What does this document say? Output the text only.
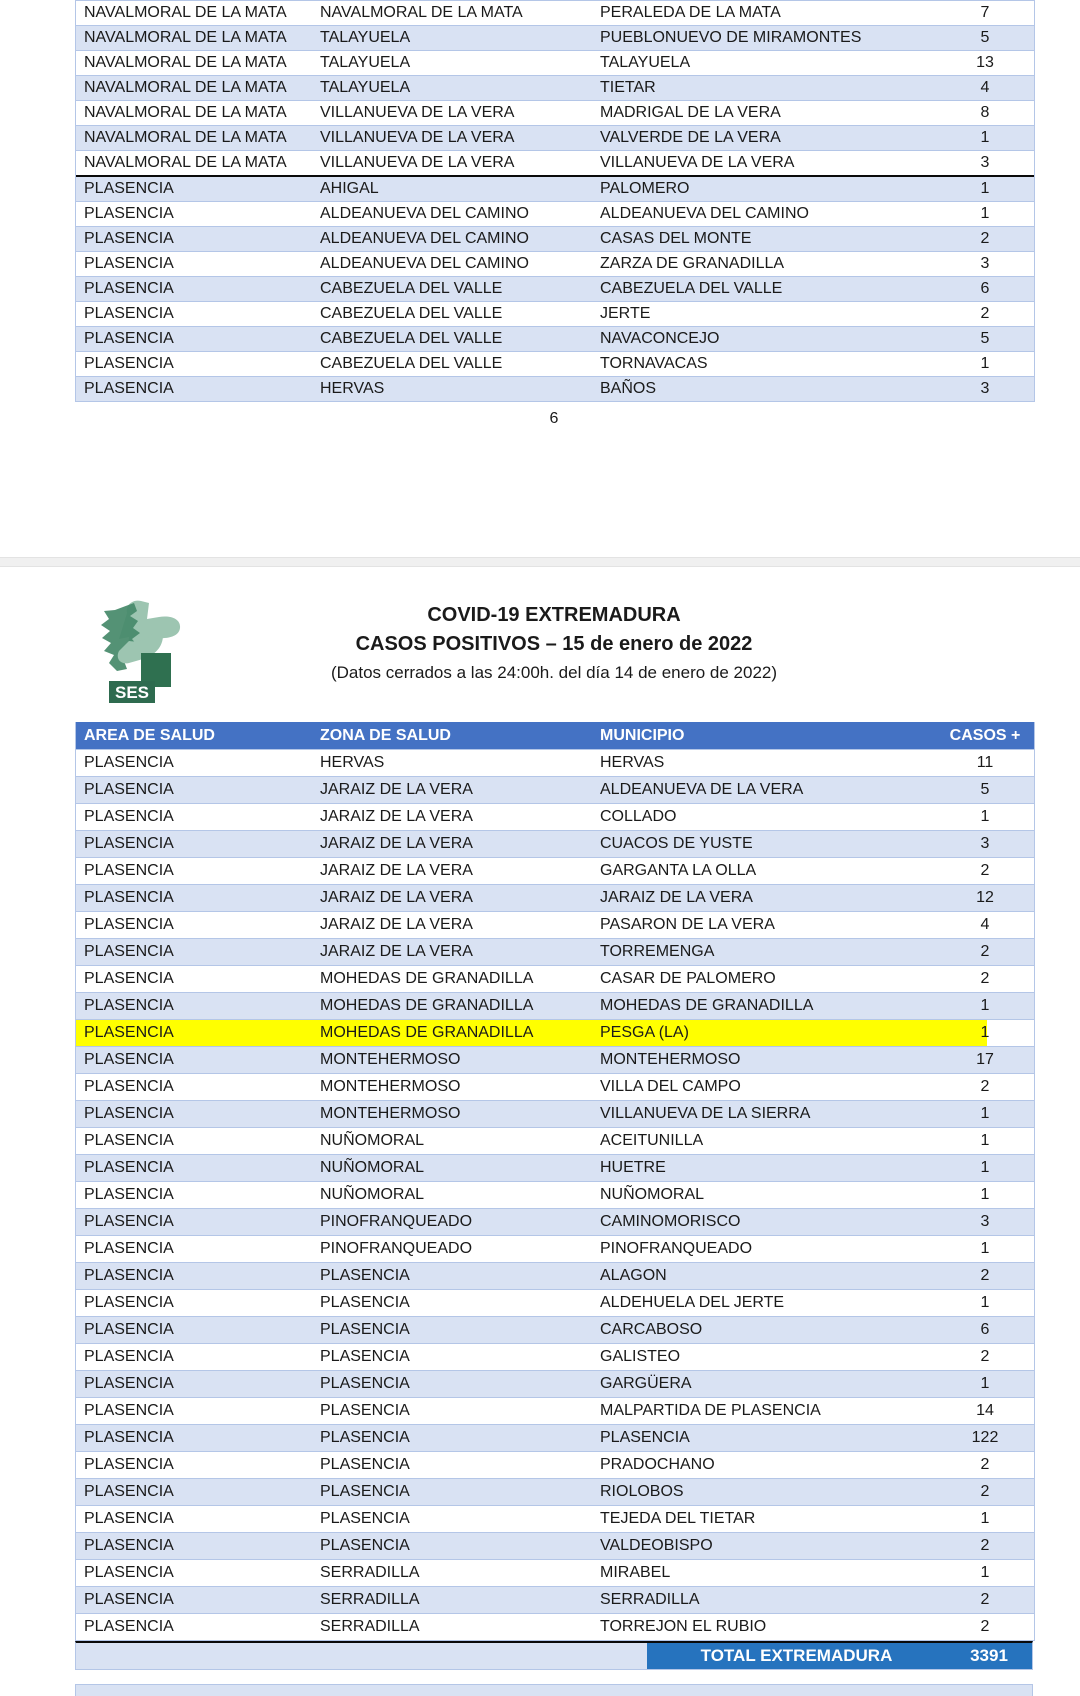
NAVALMORAL DE LA MATA	NAVALMORAL DE LA MATA	PERALEDA DE LA MATA	7
NAVALMORAL DE LA MATA	TALAYUELA	PUEBLONUEVO DE MIRAMONTES	5
NAVALMORAL DE LA MATA	TALAYUELA	TALAYUELA	13
NAVALMORAL DE LA MATA	TALAYUELA	TIETAR	4
NAVALMORAL DE LA MATA	VILLANUEVA DE LA VERA	MADRIGAL DE LA VERA	8
NAVALMORAL DE LA MATA	VILLANUEVA DE LA VERA	VALVERDE DE LA VERA	1
NAVALMORAL DE LA MATA	VILLANUEVA DE LA VERA	VILLANUEVA DE LA VERA	3
PLASENCIA	AHIGAL	PALOMERO	1
PLASENCIA	ALDEANUEVA DEL CAMINO	ALDEANUEVA DEL CAMINO	1
PLASENCIA	ALDEANUEVA DEL CAMINO	CASAS DEL MONTE	2
PLASENCIA	ALDEANUEVA DEL CAMINO	ZARZA DE GRANADILLA	3
PLASENCIA	CABEZUELA DEL VALLE	CABEZUELA DEL VALLE	6
PLASENCIA	CABEZUELA DEL VALLE	JERTE	2
PLASENCIA	CABEZUELA DEL VALLE	NAVACONCEJO	5
PLASENCIA	CABEZUELA DEL VALLE	TORNAVACAS	1
PLASENCIA	HERVAS	BAÑOS	3
6
SES
COVID-19 EXTREMADURA
CASOS POSITIVOS – 15 de enero de 2022
(Datos cerrados a las 24:00h. del día 14 de enero de 2022)
AREA DE SALUD	ZONA DE SALUD	MUNICIPIO	CASOS +
PLASENCIA	HERVAS	HERVAS	11
PLASENCIA	JARAIZ DE LA VERA	ALDEANUEVA DE LA VERA	5
PLASENCIA	JARAIZ DE LA VERA	COLLADO	1
PLASENCIA	JARAIZ DE LA VERA	CUACOS DE YUSTE	3
PLASENCIA	JARAIZ DE LA VERA	GARGANTA LA OLLA	2
PLASENCIA	JARAIZ DE LA VERA	JARAIZ DE LA VERA	12
PLASENCIA	JARAIZ DE LA VERA	PASARON DE LA VERA	4
PLASENCIA	JARAIZ DE LA VERA	TORREMENGA	2
PLASENCIA	MOHEDAS DE GRANADILLA	CASAR DE PALOMERO	2
PLASENCIA	MOHEDAS DE GRANADILLA	MOHEDAS DE GRANADILLA	1
PLASENCIA	MOHEDAS DE GRANADILLA	PESGA (LA)	1
PLASENCIA	MONTEHERMOSO	MONTEHERMOSO	17
PLASENCIA	MONTEHERMOSO	VILLA DEL CAMPO	2
PLASENCIA	MONTEHERMOSO	VILLANUEVA DE LA SIERRA	1
PLASENCIA	NUÑOMORAL	ACEITUNILLA	1
PLASENCIA	NUÑOMORAL	HUETRE	1
PLASENCIA	NUÑOMORAL	NUÑOMORAL	1
PLASENCIA	PINOFRANQUEADO	CAMINOMORISCO	3
PLASENCIA	PINOFRANQUEADO	PINOFRANQUEADO	1
PLASENCIA	PLASENCIA	ALAGON	2
PLASENCIA	PLASENCIA	ALDEHUELA DEL JERTE	1
PLASENCIA	PLASENCIA	CARCABOSO	6
PLASENCIA	PLASENCIA	GALISTEO	2
PLASENCIA	PLASENCIA	GARGÜERA	1
PLASENCIA	PLASENCIA	MALPARTIDA DE PLASENCIA	14
PLASENCIA	PLASENCIA	PLASENCIA	122
PLASENCIA	PLASENCIA	PRADOCHANO	2
PLASENCIA	PLASENCIA	RIOLOBOS	2
PLASENCIA	PLASENCIA	TEJEDA DEL TIETAR	1
PLASENCIA	PLASENCIA	VALDEOBISPO	2
PLASENCIA	SERRADILLA	MIRABEL	1
PLASENCIA	SERRADILLA	SERRADILLA	2
PLASENCIA	SERRADILLA	TORREJON EL RUBIO	2
TOTAL EXTREMADURA	3391
